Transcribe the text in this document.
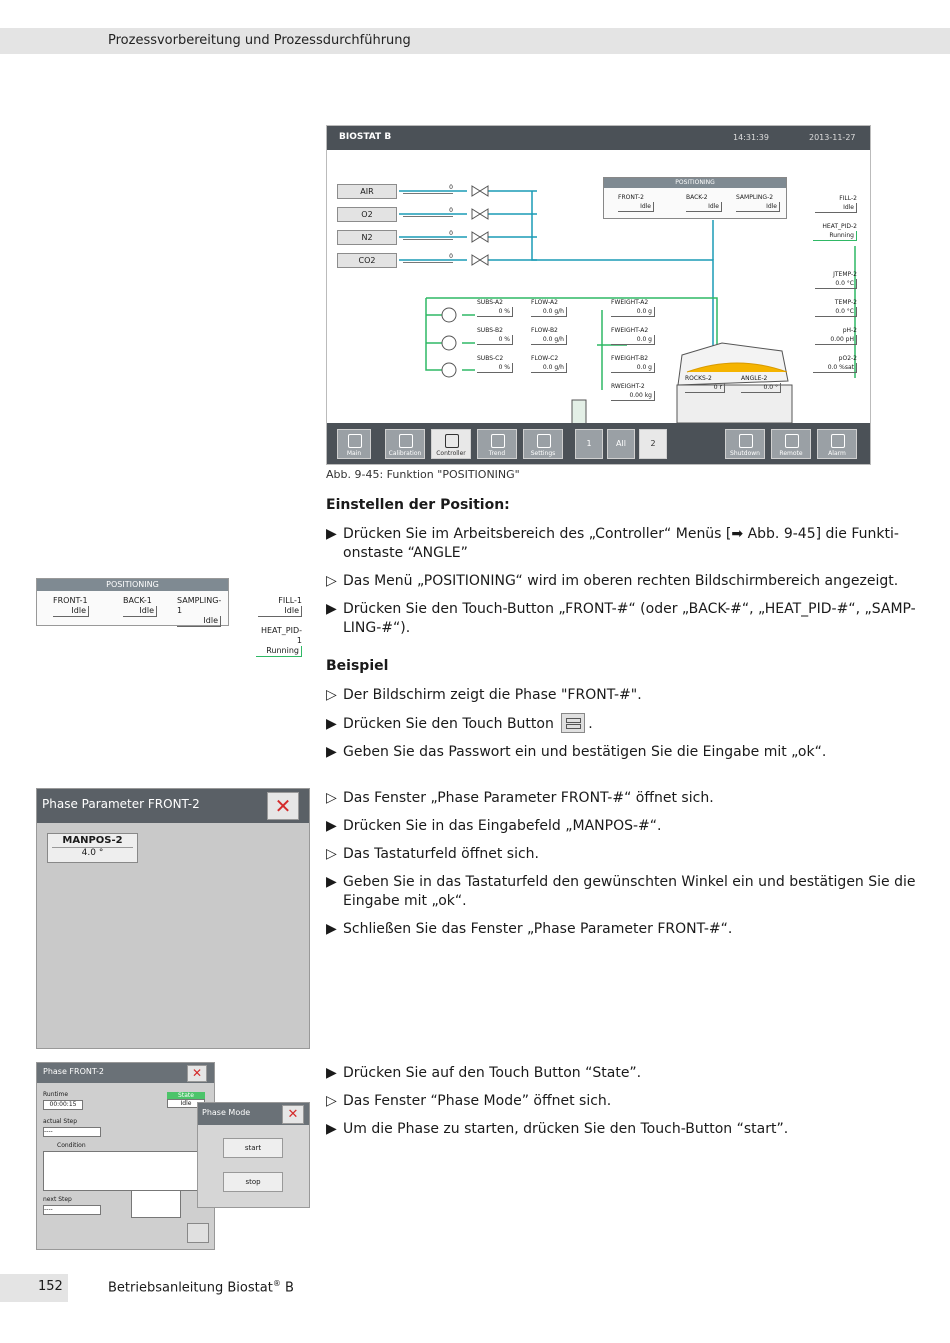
Prozessvorbereitung und Prozessdurchführung
BIOSTAT B	14:31:39	2013-11-27
AIR
O2
N2
CO2
0
0
0
0
POSITIONING
FRONT-2
Idle
BACK-2
Idle
SAMPLING-2
Idle
FILL-2
Idle
HEAT_PID-2
Running
JTEMP-2
0.0 °C
TEMP-2
0.0 °C
pH-2
0.00 pH
pO2-2
0.0 %sat
SUBS-A2
0 %
FLOW-A2
0.0 g/h
SUBS-B2
0 %
FLOW-B2
0.0 g/h
SUBS-C2
0 %
FLOW-C2
0.0 g/h
FWEIGHT-A2
0.0 g
FWEIGHT-A2
0.0 g
FWEIGHT-B2
0.0 g
RWEIGHT-2
0.00 kg
ROCKS-2
0 r
ANGLE-2
0.0 °
Main	Calibration	Controller	Trend	Settings
1	All	2
Shutdown	Remote	Alarm
Abb. 9-45: Funktion "POSITIONING"
Einstellen der Position:
▶ Drücken Sie im Arbeitsbereich des „Controller“ Menüs [➡ Abb. 9-45] die Funkti-
onstaste “ANGLE”
▷ Das Menü „POSITIONING“ wird im oberen rechten Bildschirmbereich angezeigt.
▶ Drücken Sie den Touch-Button „FRONT-#“ (oder „BACK-#“, „HEAT_PID-#“, „SAMP-
LING-#“).
POSITIONING
FRONT-1
Idle
BACK-1
Idle
SAMPLING-1
Idle
FILL-1
Idle
HEAT_PID-1
Running
Beispiel
▷ Der Bildschirm zeigt die Phase "FRONT-#".
▶ Drücken Sie den Touch Button .
▶ Geben Sie das Passwort ein und bestätigen Sie die Eingabe mit „ok“.
Phase Parameter FRONT-2	✕
MANPOS-2
4.0 °
▷ Das Fenster „Phase Parameter FRONT-#“ öffnet sich.
▶ Drücken Sie in das Eingabefeld „MANPOS-#“.
▷ Das Tastaturfeld öffnet sich.
▶ Geben Sie in das Tastaturfeld den gewünschten Winkel ein und bestätigen Sie die
Eingabe mit „ok“.
▶ Schließen Sie das Fenster „Phase Parameter FRONT-#“.
Phase FRONT-2	✕
Runtime
00:00:15
State
Idle
actual Step
----
Condition
next Step
----
Phase Mode	✕
start
stop
▶ Drücken Sie auf den Touch Button “State”.
▷ Das Fenster “Phase Mode” öffnet sich.
▶ Um die Phase zu starten, drücken Sie den Touch-Button “start”.
152	Betriebsanleitung Biostat® B
